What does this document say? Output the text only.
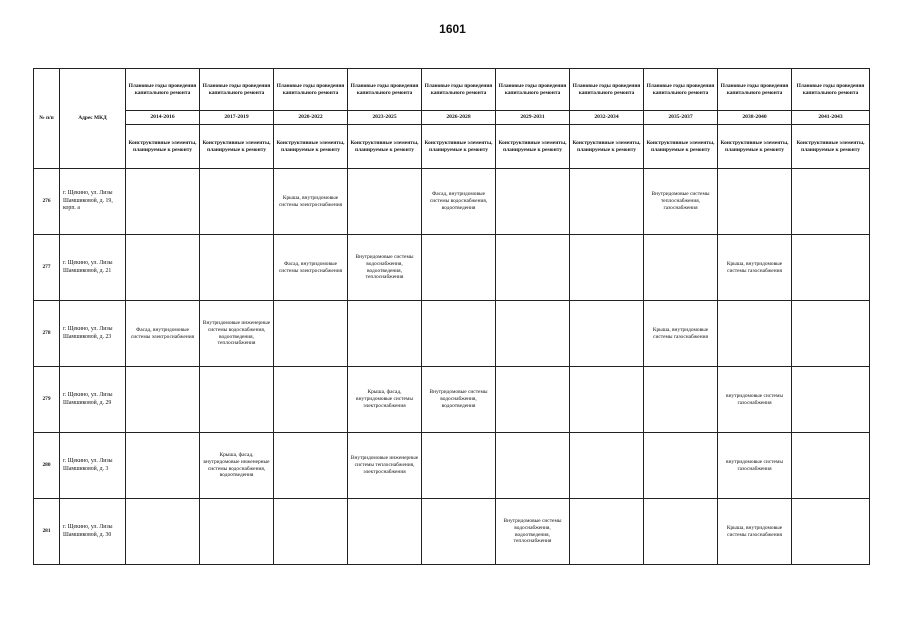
1601
№ п/п	Адрес МКД	Плановые годы проведения капитального ремонта	Плановые годы проведения капитального ремонта	Плановые годы проведения капитального ремонта	Плановые годы проведения капитального ремонта	Плановые годы проведения капитального ремонта	Плановые годы проведения капитального ремонта	Плановые годы проведения капитального ремонта	Плановые годы проведения капитального ремонта	Плановые годы проведения капитального ремонта	Плановые годы проведения капитального ремонта
		2014-2016	2017-2019	2020-2022	2023-2025	2026-2028	2029-2031	2032-2034	2035-2037	2038-2040	2041-2043
		Конструктивные элементы, планируемые к ремонту	Конструктивные элементы, планируемые к ремонту	Конструктивные элементы, планируемые к ремонту	Конструктивные элементы, планируемые к ремонту	Конструктивные элементы, планируемые к ремонту	Конструктивные элементы, планируемые к ремонту	Конструктивные элементы, планируемые к ремонту	Конструктивные элементы, планируемые к ремонту	Конструктивные элементы, планируемые к ремонту	Конструктивные элементы, планируемые к ремонту
276	г. Щекино, ул. Лизы Шамшиковой, д. 19, корп. а			Крыша, внутридомовые системы электроснабжения		Фасад, внутридомовые системы водоснабжения, водоотведения			Внутридомовые системы теплоснабжения, газоснабжения		
277	г. Щекино, ул. Лизы Шамшиковой, д. 21			Фасад, внутридомовые системы электроснабжения	Внутридомовые системы водоснабжения, водоотведения, теплоснабжения					Крыша, внутридомовые системы газоснабжения	
278	г. Щекино, ул. Лизы Шамшиковой, д. 23	Фасад, внутридомовые системы электроснабжения	Внутридомовые инженерные системы водоснабжения, водоотведения, теплоснабжения						Крыша, внутридомовые системы газоснабжения		
279	г. Щекино, ул. Лизы Шамшиковой, д. 29				Крыша, фасад, внутридомовые системы электроснабжения	Внутридомовые системы водоснабжения, водоотведения				внутридомовые системы газоснабжения	
280	г. Щекино, ул. Лизы Шамшиковой, д. 3		Крыша, фасад, внутридомовые инженерные системы водоснабжения, водоотведения		Внутридомовые инженерные системы теплоснабжения, электроснабжения					внутридомовые системы газоснабжения	
281	г. Щекино, ул. Лизы Шамшиковой, д. 30						Внутридомовые системы водоснабжения, водоотведения, теплоснабжения			Крыша, внутридомовые системы газоснабжения	
